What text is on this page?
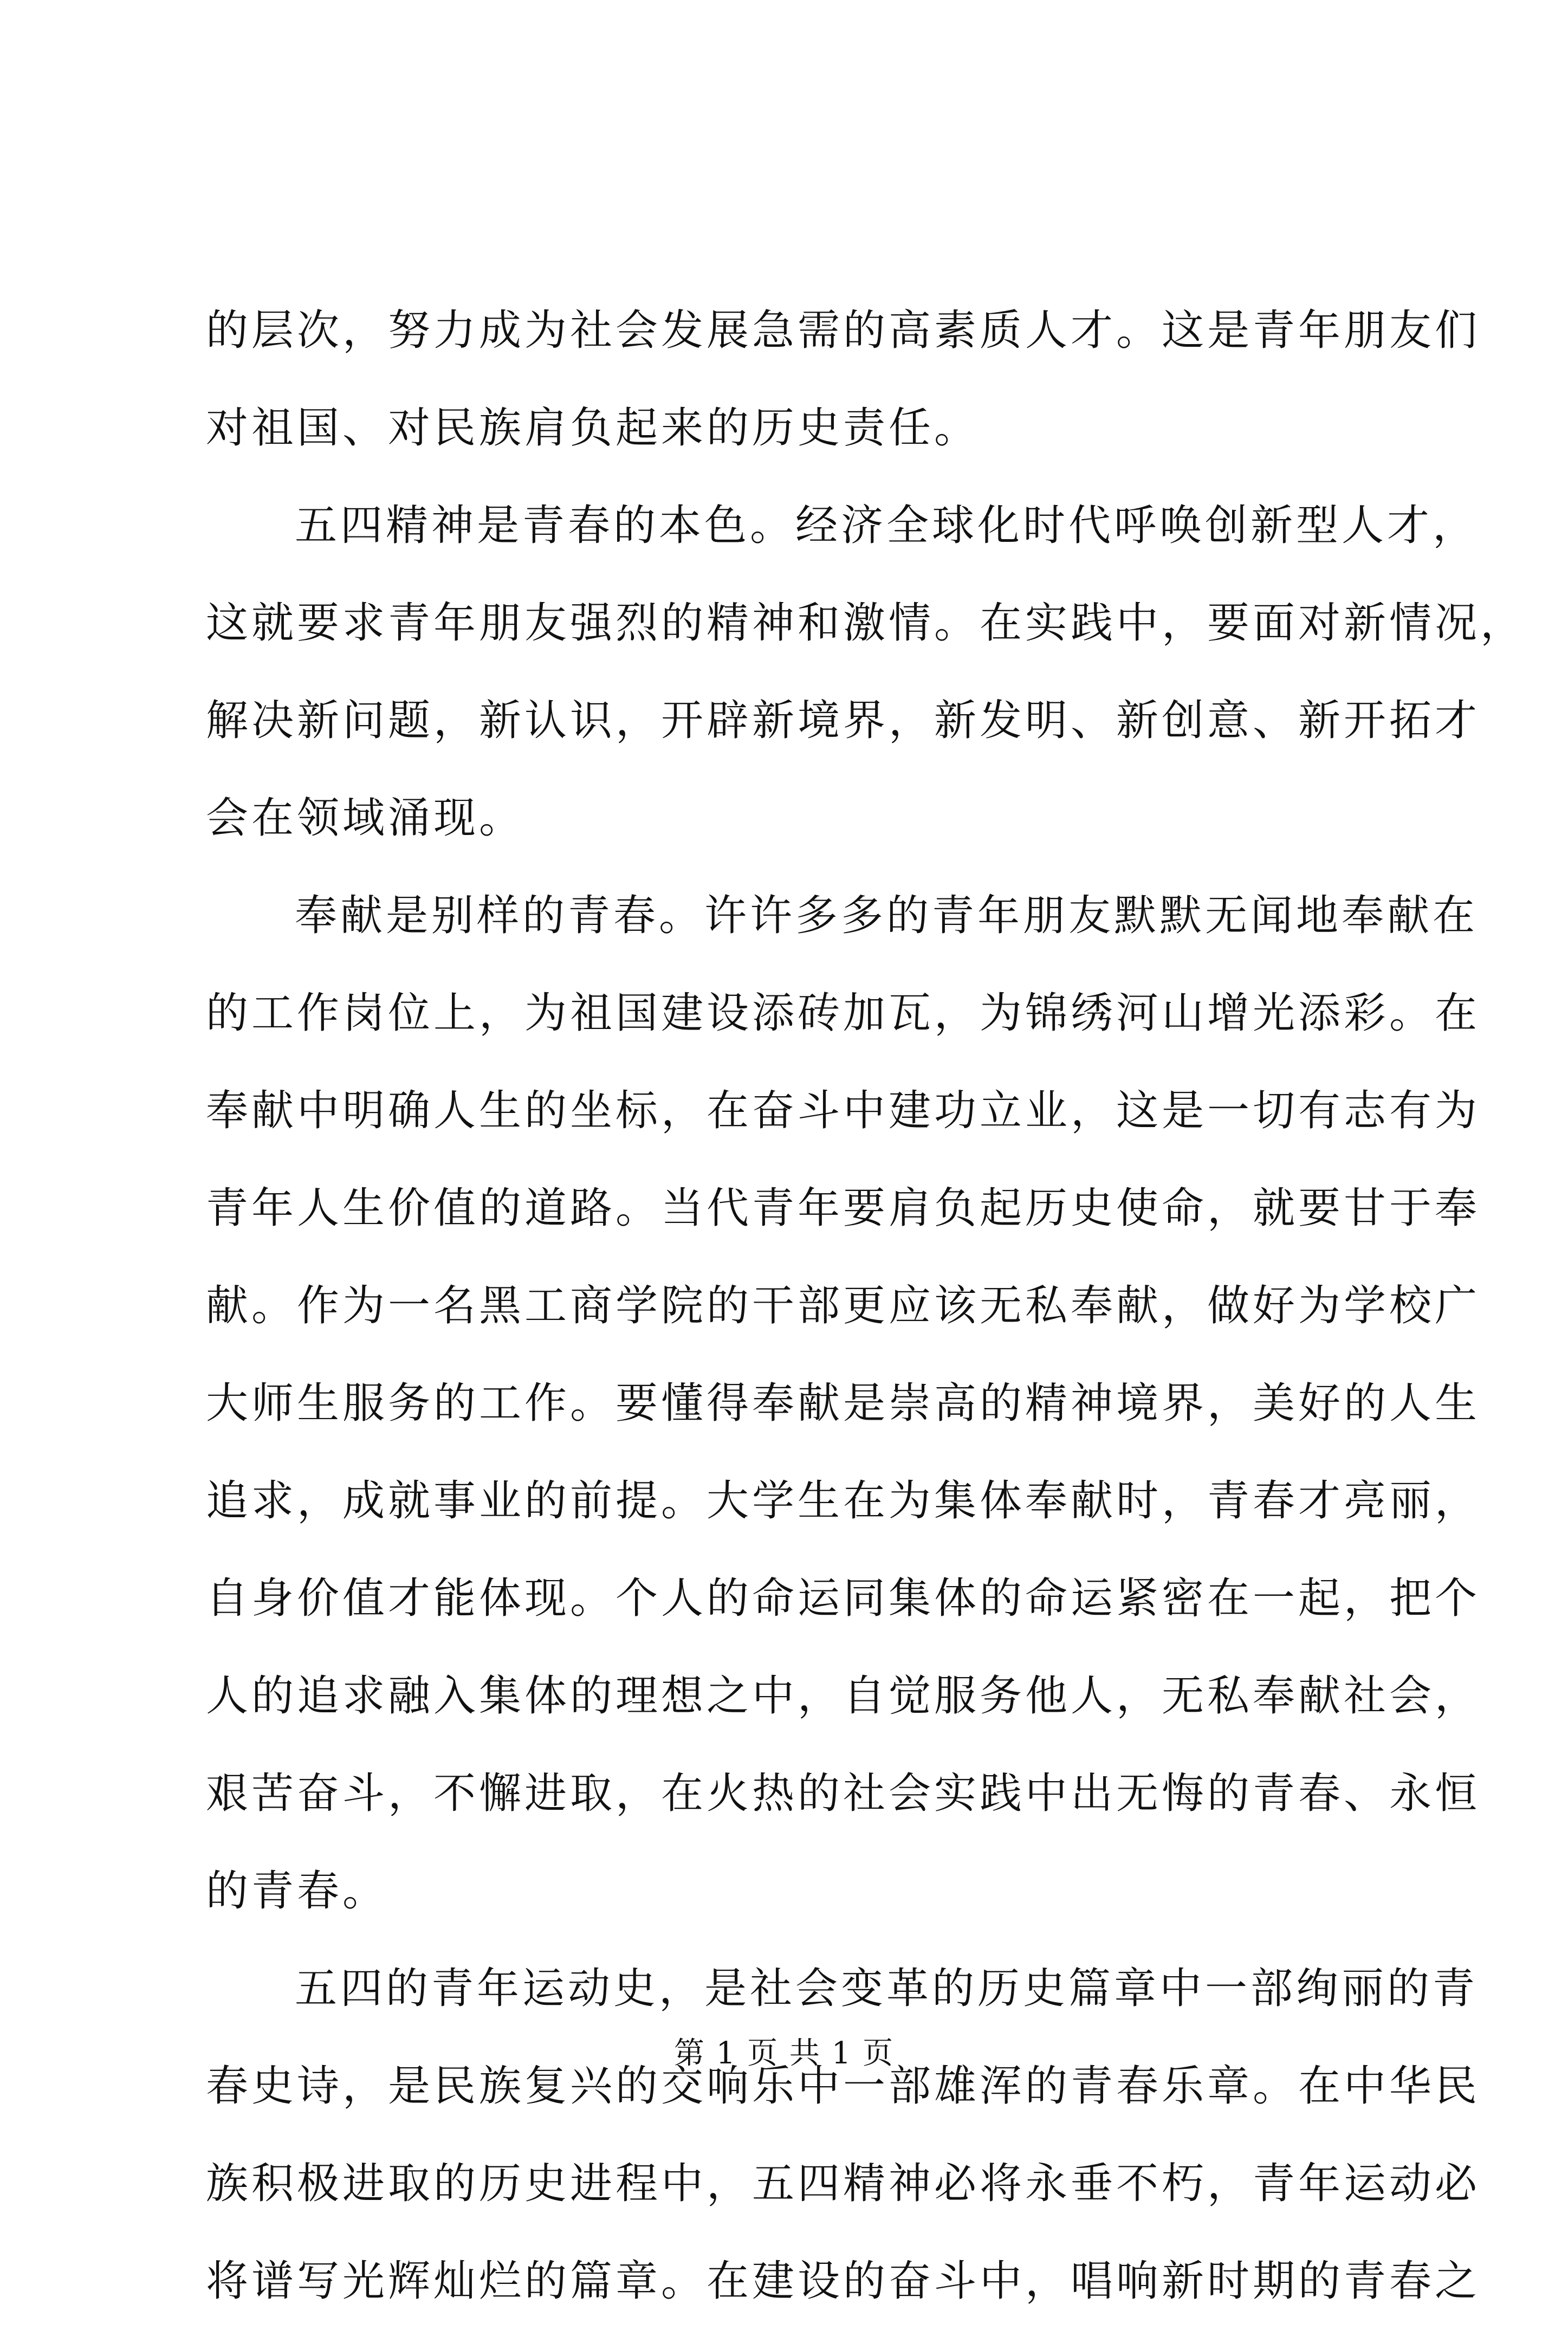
的层次，努力成为社会发展急需的高素质人才。这是青年朋友们
对祖国、对民族肩负起来的历史责任。
五四精神是青春的本色。经济全球化时代呼唤创新型人才，
这就要求青年朋友强烈的精神和激情。在实践中，要面对新情况，
解决新问题，新认识，开辟新境界，新发明、新创意、新开拓才
会在领域涌现。
奉献是别样的青春。许许多多的青年朋友默默无闻地奉献在
的工作岗位上，为祖国建设添砖加瓦，为锦绣河山增光添彩。在
奉献中明确人生的坐标，在奋斗中建功立业，这是一切有志有为
青年人生价值的道路。当代青年要肩负起历史使命，就要甘于奉
献。作为一名黑工商学院的干部更应该无私奉献，做好为学校广
大师生服务的工作。要懂得奉献是崇高的精神境界，美好的人生
追求，成就事业的前提。大学生在为集体奉献时，青春才亮丽，
自身价值才能体现。个人的命运同集体的命运紧密在一起，把个
人的追求融入集体的理想之中，自觉服务他人，无私奉献社会，
艰苦奋斗，不懈进取，在火热的社会实践中出无悔的青春、永恒
的青春。
五四的青年运动史，是社会变革的历史篇章中一部绚丽的青
春史诗，是民族复兴的交响乐中一部雄浑的青春乐章。在中华民
族积极进取的历史进程中，五四精神必将永垂不朽，青年运动必
将谱写光辉灿烂的篇章。在建设的奋斗中，唱响新时期的青春之
第 1 页 共 1 页
